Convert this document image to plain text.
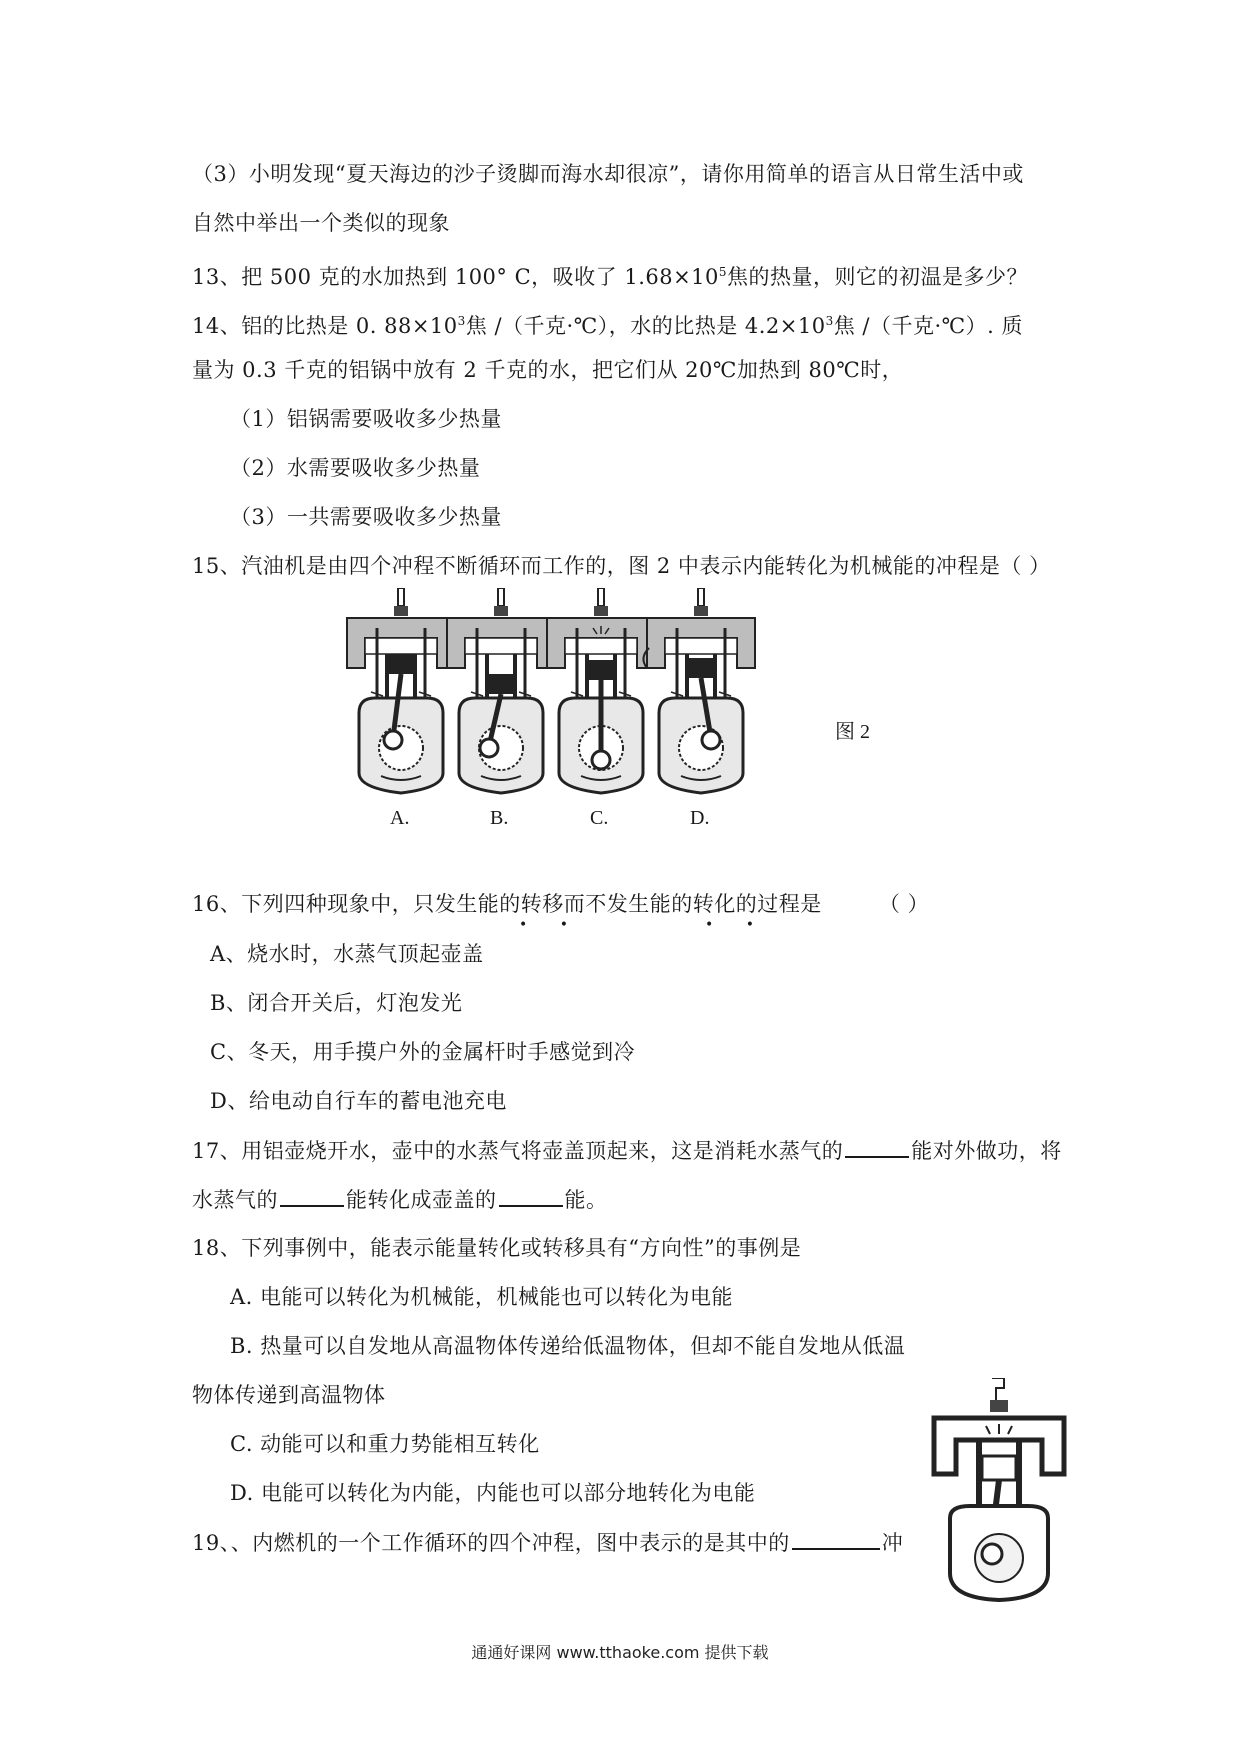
（3）小明发现“夏天海边的沙子烫脚而海水却很凉”，请你用简单的语言从日常生活中或
自然中举出一个类似的现象
13、把 500 克的水加热到 100° C，吸收了 $1.68\times 10^5$焦的热量，则它的初温是多少？
14、铝的比热是 0. $88\times 10^3$焦 /（千克·℃），水的比热是 $4.2\times 10^3$焦 /（千克·℃）. 质
量为 0.3 千克的铝锅中放有 2 千克的水，把它们从 20℃加热到 80℃时，
（1）铝锅需要吸收多少热量
（2）水需要吸收多少热量
（3）一共需要吸收多少热量
15、汽油机是由四个冲程不断循环而工作的，图 2 中表示内能转化为机械能的冲程是（ ）
A.	B.	C.	D.
图 2
16、下列四种现象中，只发生能的转移而不发生能的转化的过程是	（ ）
• •	• •
A、烧水时，水蒸气顶起壶盖
B、闭合开关后，灯泡发光
C、冬天，用手摸户外的金属杆时手感觉到冷
D、给电动自行车的蓄电池充电
17、用铝壶烧开水，壶中的水蒸气将壶盖顶起来，这是消耗水蒸气的	能对外做功，将
水蒸气的	能转化成壶盖的	能。
18、下列事例中，能表示能量转化或转移具有“方向性”的事例是
A. 电能可以转化为机械能，机械能也可以转化为电能
B. 热量可以自发地从高温物体传递给低温物体，但却不能自发地从低温
物体传递到高温物体
C. 动能可以和重力势能相互转化
D. 电能可以转化为内能，内能也可以部分地转化为电能
19、、内燃机的一个工作循环的四个冲程，图中表示的是其中的	冲
通通好课网 www.tthaoke.com 提供下载
